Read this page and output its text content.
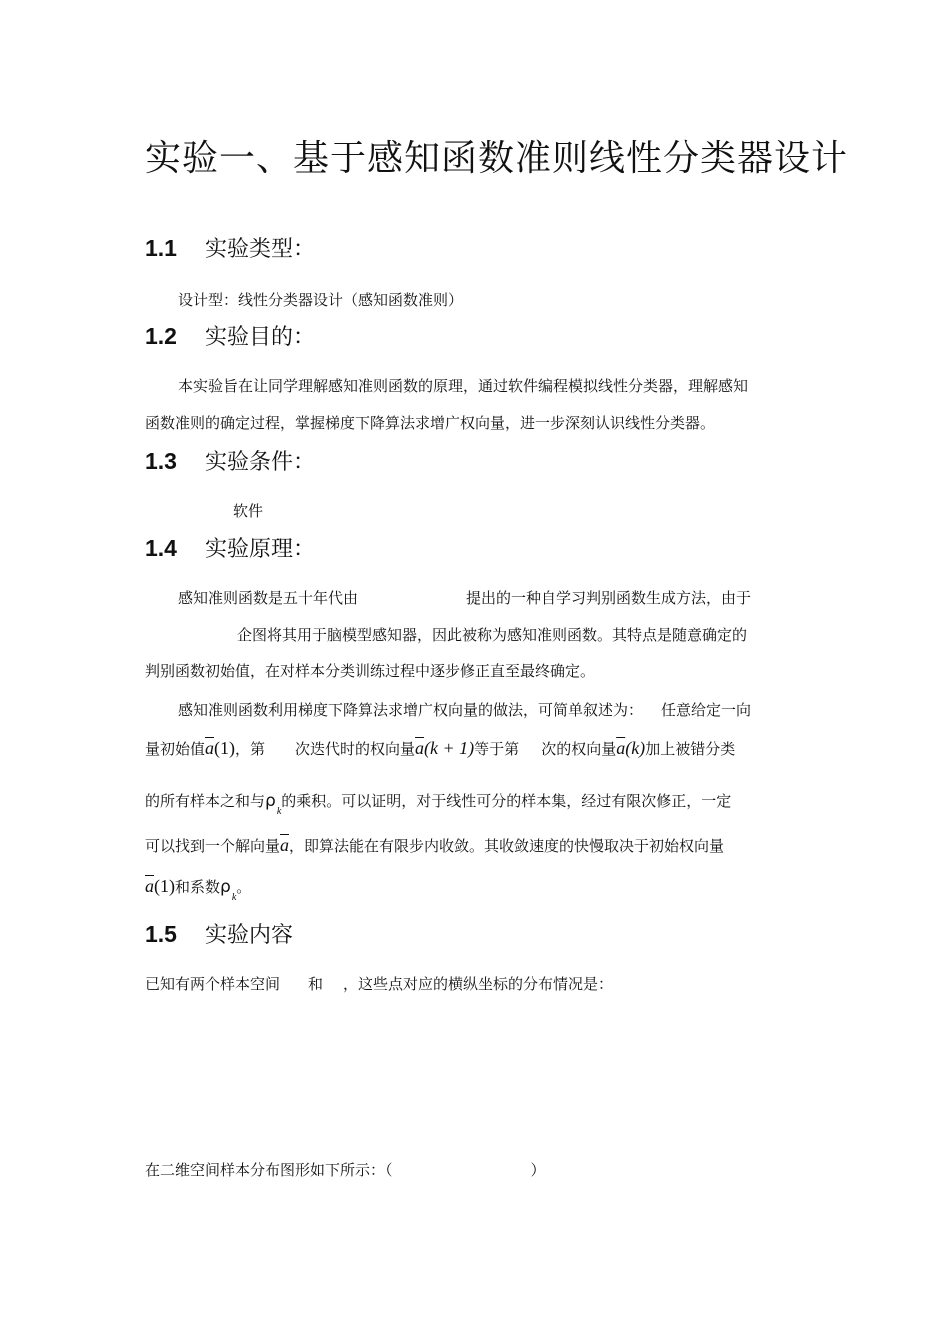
实验一、基于感知函数准则线性分类器设计
1.1 实验类型：
设计型：线性分类器设计（感知函数准则）
1.2 实验目的：
本实验旨在让同学理解感知准则函数的原理，通过软件编程模拟线性分类器，理解感知
函数准则的确定过程，掌握梯度下降算法求增广权向量，进一步深刻认识线性分类器。
1.3 实验条件：
软件
1.4 实验原理：
感知准则函数是五十年代由	提出的一种自学习判别函数生成方法，由于
企图将其用于脑模型感知器，因此被称为感知准则函数。其特点是随意确定的
判别函数初始值，在对样本分类训练过程中逐步修正直至最终确定。
感知准则函数利用梯度下降算法求增广权向量的做法，可简单叙述为： 任意给定一向
量初始值$\overline{a}(1)$，第 次迭代时的权向量$\overline{a}(k + 1)$等于第 次的权向量$\overline{a}(k)$加上被错分类
的所有样本之和与$\rho_k$的乘积。可以证明，对于线性可分的样本集，经过有限次修正，一定
可以找到一个解向量$\overline{a}$，即算法能在有限步内收敛。其收敛速度的快慢取决于初始权向量
$\overline{a}(1)$和系数$\rho_k$。
1.5 实验内容
已知有两个样本空间 和 ，这些点对应的横纵坐标的分布情况是：
在二维空间样本分布图形如下所示：（	）
